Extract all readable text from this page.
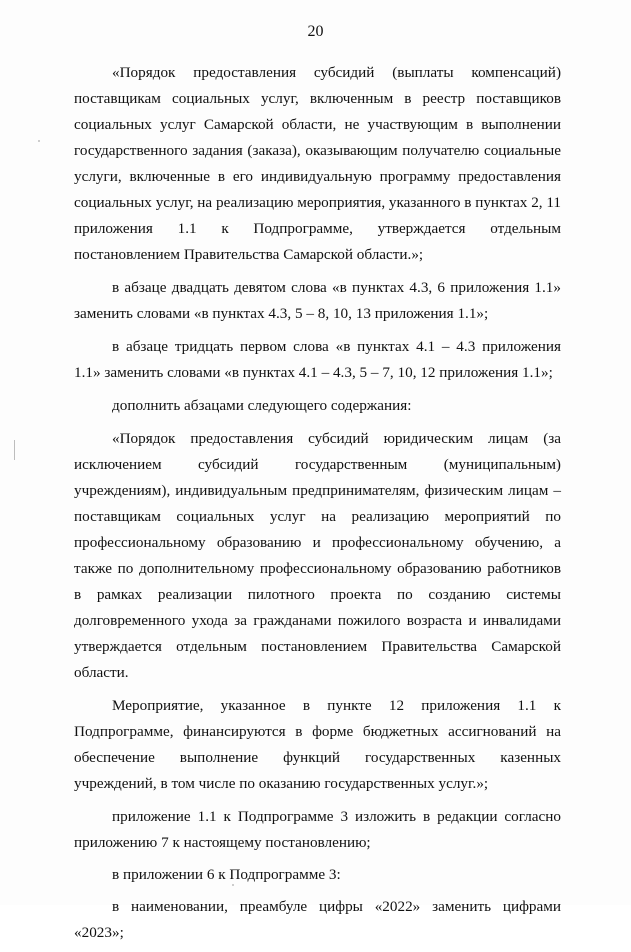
20

«Порядок предоставления субсидий (выплаты компенсаций) поставщикам социальных услуг, включенным в реестр поставщиков социальных услуг Самарской области, не участвующим в выполнении государственного задания (заказа), оказывающим получателю социальные услуги, включенные в его индивидуальную программу предоставления социальных услуг, на реализацию мероприятия, указанного в пунктах 2, 11 приложения 1.1 к Подпрограмме, утверждается отдельным постановлением Правительства Самарской области.»;

в абзаце двадцать девятом слова «в пунктах 4.3, 6 приложения 1.1» заменить словами «в пунктах 4.3, 5 – 8, 10, 13 приложения 1.1»;

в абзаце тридцать первом слова «в пунктах 4.1 – 4.3 приложения 1.1» заменить словами «в пунктах 4.1 – 4.3, 5 – 7, 10, 12 приложения 1.1»;

дополнить абзацами следующего содержания:

«Порядок предоставления субсидий юридическим лицам (за исключением субсидий государственным (муниципальным) учреждениям), индивидуальным предпринимателям, физическим лицам – поставщикам социальных услуг на реализацию мероприятий по профессиональному образованию и профессиональному обучению, а также по дополнительному профессиональному образованию работников в рамках реализации пилотного проекта по созданию системы долговременного ухода за гражданами пожилого возраста и инвалидами утверждается отдельным постановлением Правительства Самарской области.

Мероприятие, указанное в пункте 12 приложения 1.1 к Подпрограмме, финансируются в форме бюджетных ассигнований на обеспечение выполнение функций государственных казенных учреждений, в том числе по оказанию государственных услуг.»;

приложение 1.1 к Подпрограмме 3 изложить в редакции согласно приложению 7 к настоящему постановлению;

в приложении 6 к Подпрограмме 3:

в наименовании, преамбуле цифры «2022» заменить цифрами «2023»;
